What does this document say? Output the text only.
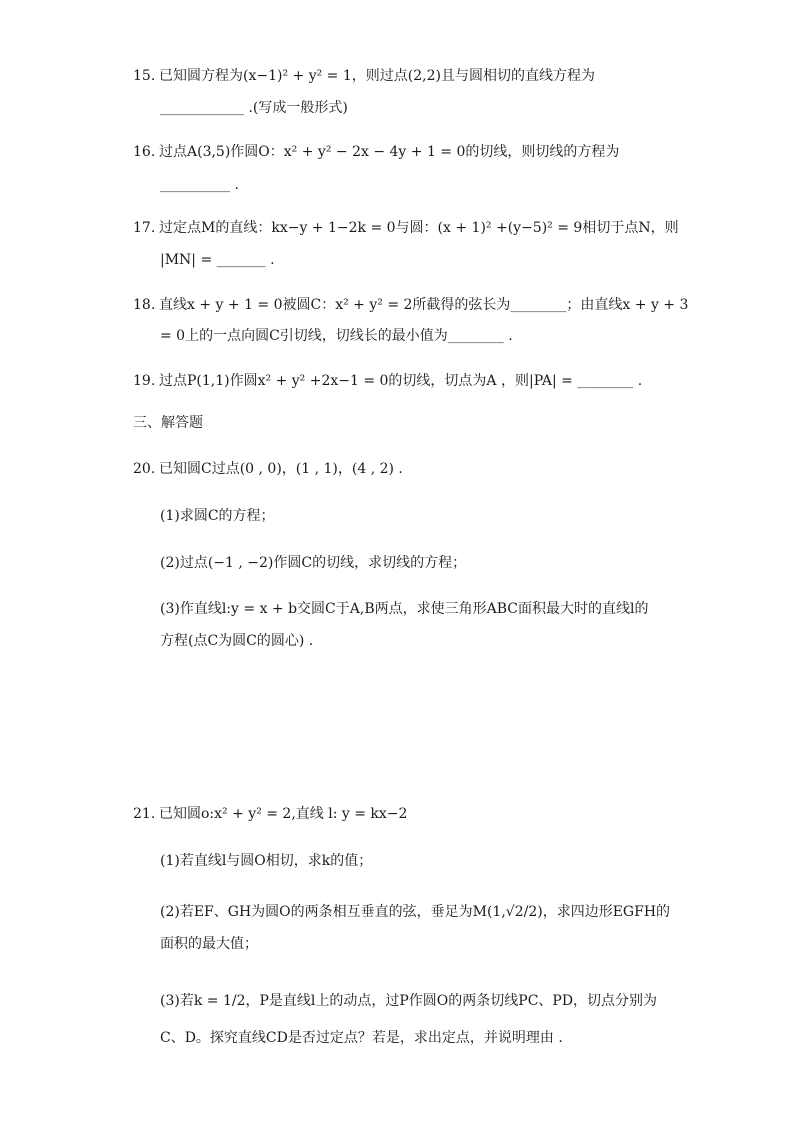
15. 已知圆方程为(x−1)² + y² = 1，则过点(2,2)且与圆相切的直线方程为
____________ .(写成一般形式)
16. 过点A(3,5)作圆O：x² + y² − 2x − 4y + 1 = 0的切线，则切线的方程为
__________ .
17. 过定点M的直线：kx−y + 1−2k = 0与圆：(x + 1)² +(y−5)² = 9相切于点N，则
|MN| = _______ .
18. 直线x + y + 1 = 0被圆C：x² + y² = 2所截得的弦长为________；由直线x + y + 3
= 0上的一点向圆C引切线，切线长的最小值为________ .
19. 过点P(1,1)作圆x² + y² +2x−1 = 0的切线，切点为A ，则|PA| = ________ .
三、解答题
20. 已知圆C过点(0 , 0)，(1 , 1)，(4 , 2) .
(1)求圆C的方程；
(2)过点(−1 , −2)作圆C的切线，求切线的方程；
(3)作直线l:y = x + b交圆C于A,B两点，求使三角形ABC面积最大时的直线l的
方程(点C为圆C的圆心) .
21. 已知圆o:x² + y² = 2,直线 l: y = kx−2
(1)若直线l与圆O相切，求k的值；
(2)若EF、GH为圆O的两条相互垂直的弦，垂足为M(1,√2/2)，求四边形EGFH的
面积的最大值；
(3)若k = 1/2，P是直线l上的动点，过P作圆O的两条切线PC、PD，切点分别为
C、D。探究直线CD是否过定点？若是，求出定点，并说明理由 .
